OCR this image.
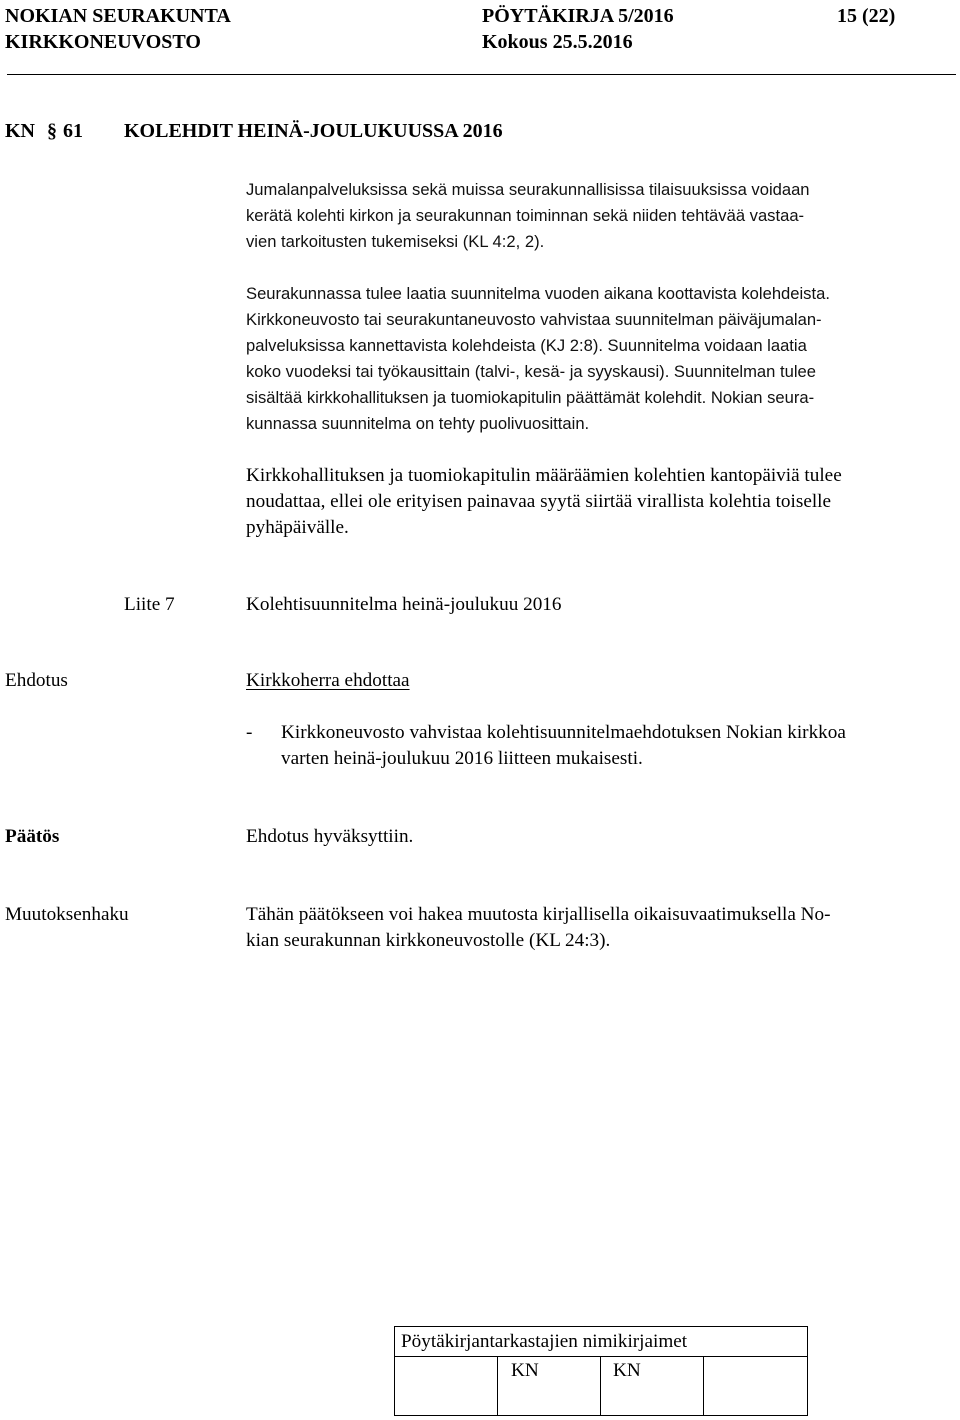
NOKIAN SEURAKUNTA
KIRKKONEUVOSTO
PÖYTÄKIRJA 5/2016
Kokous 25.5.2016
15 (22)
KN § 61 KOLEHDIT HEINÄ-JOULUKUUSSA 2016
Jumalanpalveluksissa sekä muissa seurakunnallisissa tilaisuuksissa voidaan
kerätä kolehti kirkon ja seurakunnan toiminnan sekä niiden tehtävää vastaa-
vien tarkoitusten tukemiseksi (KL 4:2, 2).
Seurakunnassa tulee laatia suunnitelma vuoden aikana koottavista kolehdeista.
Kirkkoneuvosto tai seurakuntaneuvosto vahvistaa suunnitelman päiväjumalan-
palveluksissa kannettavista kolehdeista (KJ 2:8). Suunnitelma voidaan laatia
koko vuodeksi tai työkausittain (talvi-, kesä- ja syyskausi). Suunnitelman tulee
sisältää kirkkohallituksen ja tuomiokapitulin päättämät kolehdit. Nokian seura-
kunnassa suunnitelma on tehty puolivuosittain.
Kirkkohallituksen ja tuomiokapitulin määräämien kolehtien kantopäiviä tulee
noudattaa, ellei ole erityisen painavaa syytä siirtää virallista kolehtia toiselle
pyhäpäivälle.
Liite 7	Kolehtisuunnitelma heinä-joulukuu 2016
Ehdotus	Kirkkoherra ehdottaa
- Kirkkoneuvosto vahvistaa kolehtisuunnitelmaehdotuksen Nokian kirkkoa
varten heinä-joulukuu 2016 liitteen mukaisesti.
Päätös	Ehdotus hyväksyttiin.
Muutoksenhaku	Tähän päätökseen voi hakea muutosta kirjallisella oikaisuvaatimuksella No-
kian seurakunnan kirkkoneuvostolle (KL 24:3).
Pöytäkirjantarkastajien nimikirjaimet
KN	KN
